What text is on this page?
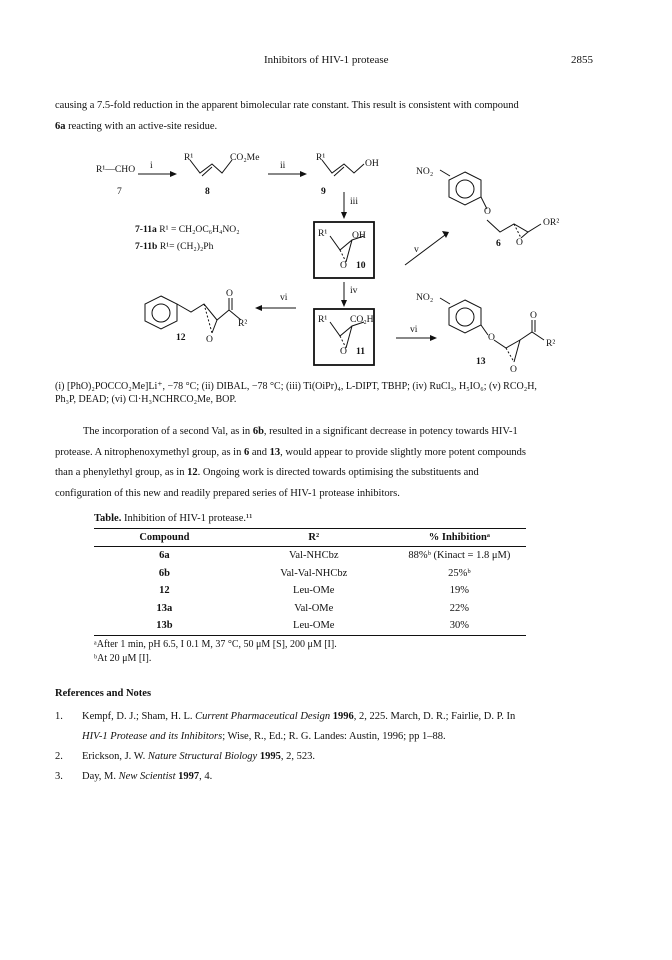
Inhibitors of HIV-1 protease	2855
causing a 7.5-fold reduction in the apparent bimolecular rate constant. This result is consistent with compound
6a reacting with an active-site residue.
R¹—CHO i	ii
R¹	CO₂Me	R¹
OH
7	8	9
iii
7-11a R¹ = CH₂OC₆H₄NO₂
7-11b R¹= (CH₂)₂Ph
R¹	OH
O 10
NO₂
O
OR²
O
6
v
iv
vi
vi
R¹ CO₂H
O 11
O
R²
O
12
NO₂
O
O
R²
O
13
(i) [PhO)₂POCCO₂Me]Li⁺, −78 °C; (ii) DIBAL, −78 °C; (iii) Ti(OiPr)₄, L-DIPT, TBHP; (iv) RuCl₃, H₅IO₆; (v) RCO₂H,
Ph₃P, DEAD; (vi) Cl·H₃NCHRCO₂Me, BOP.
The incorporation of a second Val, as in 6b, resulted in a significant decrease in potency towards HIV-1
protease. A nitrophenoxymethyl group, as in 6 and 13, would appear to provide slightly more potent compounds
than a phenylethyl group, as in 12. Ongoing work is directed towards optimising the substituents and
configuration of this new and readily prepared series of HIV-1 protease inhibitors.
Table. Inhibition of HIV-1 protease.¹¹
Compound	R²	% Inhibitionᵃ
6a	Val-NHCbz	88%ᵇ (Kinact = 1.8 μM)
6b	Val-Val-NHCbz	25%ᵇ
12	Leu-OMe	19%
13a	Val-OMe	22%
13b	Leu-OMe	30%
ᵃAfter 1 min, pH 6.5, I 0.1 M, 37 °C, 50 μM [S], 200 μM [I].
ᵇAt 20 μM [I].
References and Notes
1. Kempf, D. J.; Sham, H. L. Current Pharmaceutical Design 1996, 2, 225. March, D. R.; Fairlie, D. P. In
HIV-1 Protease and its Inhibitors; Wise, R., Ed.; R. G. Landes: Austin, 1996; pp 1–88.
2. Erickson, J. W. Nature Structural Biology 1995, 2, 523.
3. Day, M. New Scientist 1997, 4.
